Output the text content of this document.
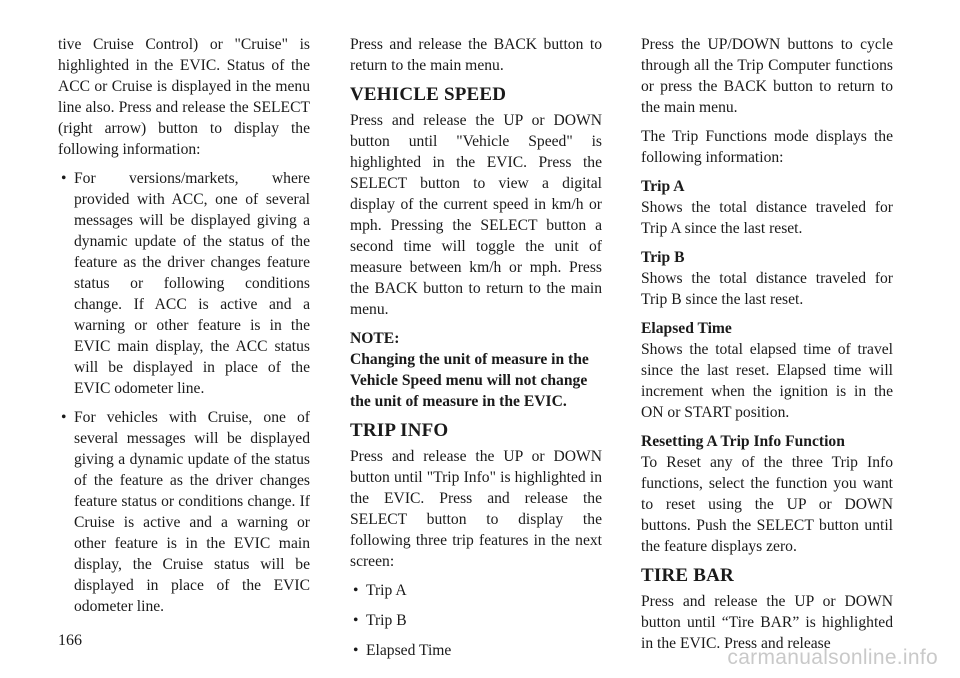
tive Cruise Control) or "Cruise" is highlighted in the EVIC. Status of the ACC or Cruise is displayed in the menu line also. Press and release the SELECT (right arrow) button to display the following information:

• For versions/markets, where provided with ACC, one of several messages will be displayed giving a dynamic update of the status of the feature as the driver changes feature status or following conditions change. If ACC is active and a warning or other feature is in the EVIC main display, the ACC status will be displayed in place of the EVIC odometer line.
• For vehicles with Cruise, one of several messages will be displayed giving a dynamic update of the status of the feature as the driver changes feature status or conditions change. If Cruise is active and a warning or other feature is in the EVIC main display, the Cruise status will be displayed in place of the EVIC odometer line.

Press and release the BACK button to return to the main menu.

VEHICLE SPEED

Press and release the UP or DOWN button until "Vehicle Speed" is highlighted in the EVIC. Press the SELECT button to view a digital display of the current speed in km/h or mph. Pressing the SELECT button a second time will toggle the unit of measure between km/h or mph. Press the BACK button to return to the main menu.

NOTE:

Changing the unit of measure in the Vehicle Speed menu will not change the unit of measure in the EVIC.

TRIP INFO

Press and release the UP or DOWN button until "Trip Info" is highlighted in the EVIC. Press and release the SELECT button to display the following three trip features in the next screen:

• Trip A
• Trip B
• Elapsed Time

Press the UP/DOWN buttons to cycle through all the Trip Computer functions or press the BACK button to return to the main menu.

The Trip Functions mode displays the following information:

Trip A

Shows the total distance traveled for Trip A since the last reset.

Trip B

Shows the total distance traveled for Trip B since the last reset.

Elapsed Time

Shows the total elapsed time of travel since the last reset. Elapsed time will increment when the ignition is in the ON or START position.

Resetting A Trip Info Function

To Reset any of the three Trip Info functions, select the function you want to reset using the UP or DOWN buttons. Push the SELECT button until the feature displays zero.

TIRE BAR

Press and release the UP or DOWN button until “Tire BAR” is highlighted in the EVIC. Press and release

166
carmanualsonline.info
